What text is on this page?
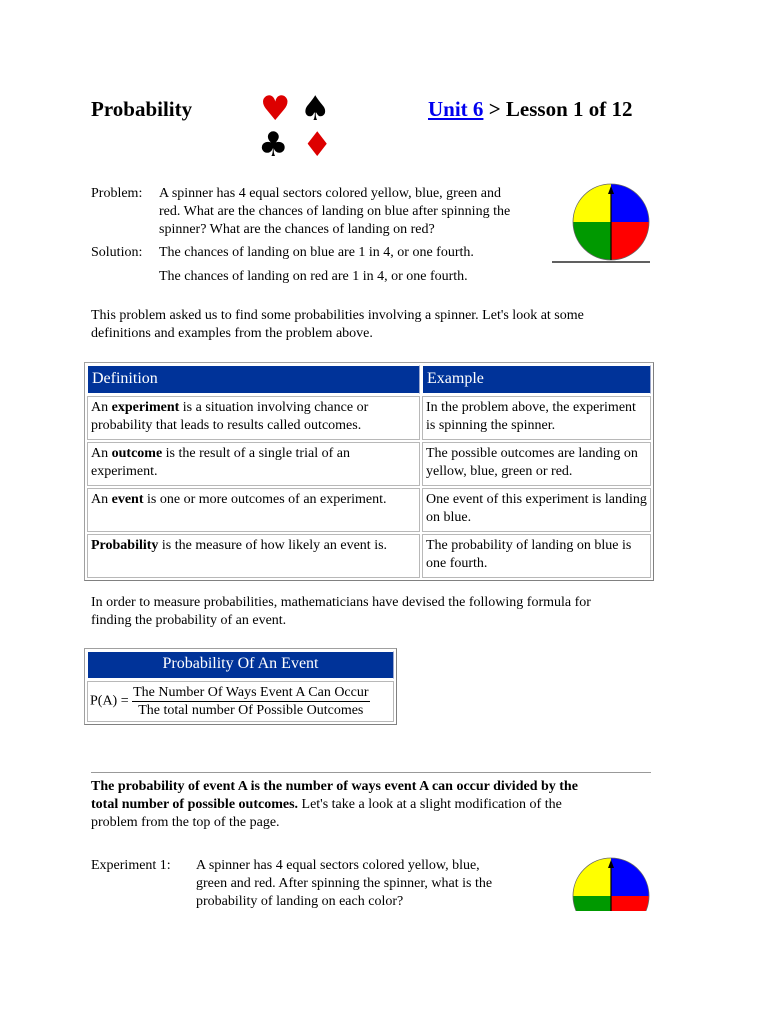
Probability ♥ ♠
♣ ♦
Unit 6 > Lesson 1 of 12
Problem: A spinner has 4 equal sectors colored yellow, blue, green and
red. What are the chances of landing on blue after spinning the
spinner? What are the chances of landing on red?
Solution: The chances of landing on blue are 1 in 4, or one fourth.
The chances of landing on red are 1 in 4, or one fourth.
This problem asked us to find some probabilities involving a spinner. Let's look at some
definitions and examples from the problem above.
Definition	Example
An experiment is a situation involving chance or probability that leads to results called outcomes.	In the problem above, the experiment is spinning the spinner.
An outcome is the result of a single trial of an experiment.	The possible outcomes are landing on yellow, blue, green or red.
An event is one or more outcomes of an experiment.	One event of this experiment is landing on blue.
Probability is the measure of how likely an event is.	The probability of landing on blue is one fourth.
In order to measure probabilities, mathematicians have devised the following formula for
finding the probability of an event.
Probability Of An Event
$P(A) = \frac{\text{The Number Of Ways Event A Can Occur}}{\text{The total number Of Possible Outcomes}}$
The probability of event A is the number of ways event A can occur divided by the
total number of possible outcomes. Let's take a look at a slight modification of the
problem from the top of the page.
Experiment 1: A spinner has 4 equal sectors colored yellow, blue,
green and red. After spinning the spinner, what is the
probability of landing on each color?
